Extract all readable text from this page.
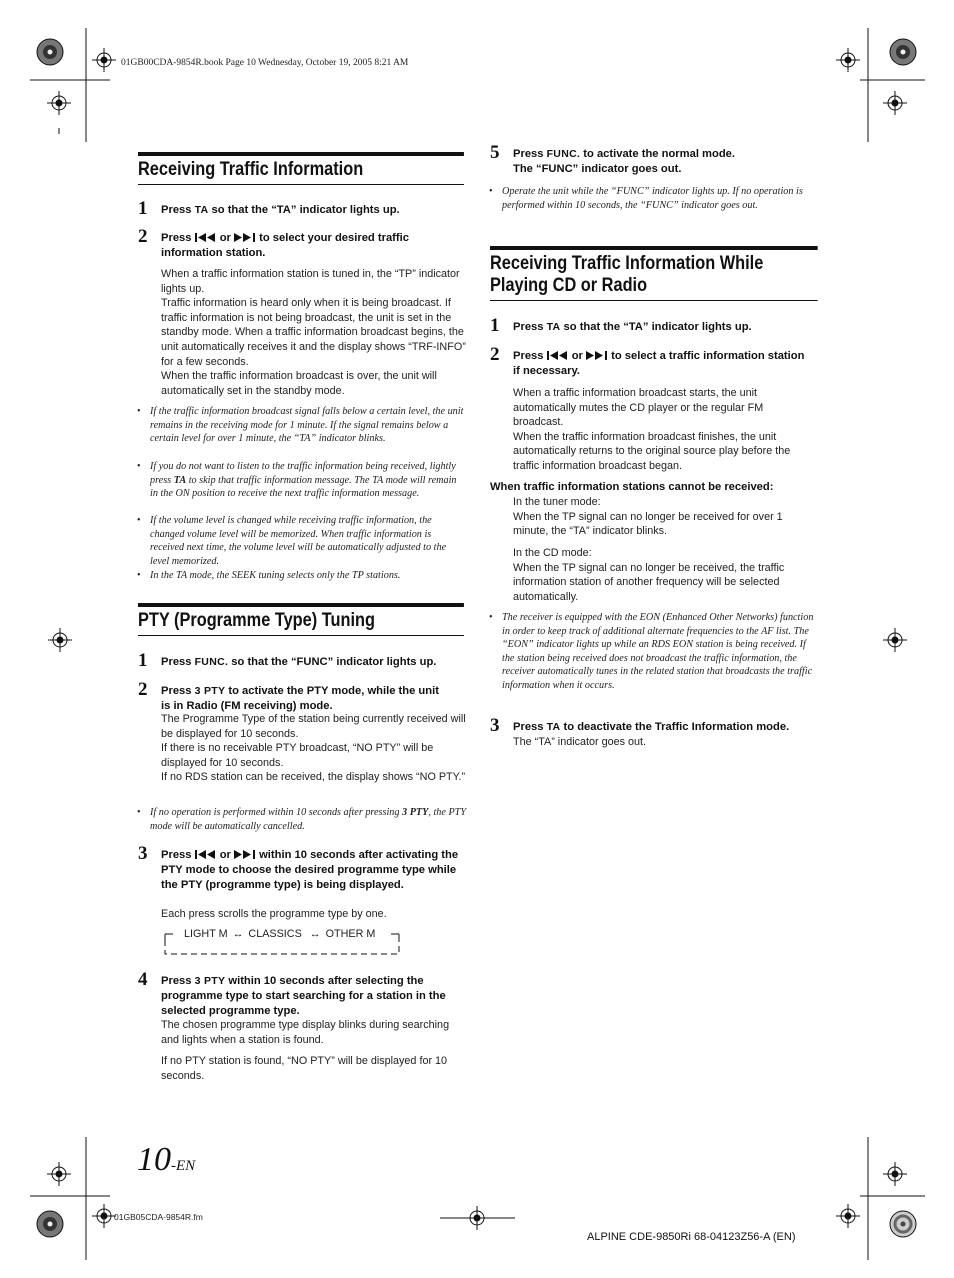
01GB00CDA-9854R.book Page 10 Wednesday, October 19, 2005 8:21 AM
10-EN
01GB05CDA-9854R.fm
ALPINE CDE-9850Ri 68-04123Z56-A (EN)
Receiving Traffic Information
1 Press TA so that the “TA” indicator lights up.
2 Press	or	to select your desired traffic information station.
When a traffic information station is tuned in, the “TP” indicator lights up.
Traffic information is heard only when it is being broadcast. If traffic information is not being broadcast, the unit is set in the standby mode. When a traffic information broadcast begins, the unit automatically receives it and the display shows “TRF-INFO” for a few seconds.
When the traffic information broadcast is over, the unit will automatically set in the standby mode.
• If the traffic information broadcast signal falls below a certain level, the unit remains in the receiving mode for 1 minute. If the signal remains below a certain level for over 1 minute, the “TA” indicator blinks.
• If you do not want to listen to the traffic information being received, lightly press TA to skip that traffic information message. The TA mode will remain in the ON position to receive the next traffic information message.
• If the volume level is changed while receiving traffic information, the changed volume level will be memorized. When traffic information is received next time, the volume level will be automatically adjusted to the level memorized.
• In the TA mode, the SEEK tuning selects only the TP stations.
PTY (Programme Type) Tuning
1 Press FUNC. so that the “FUNC” indicator lights up.
2 Press 3 PTY to activate the PTY mode, while the unit is in Radio (FM receiving) mode.
The Programme Type of the station being currently received will be displayed for 10 seconds.
If there is no receivable PTY broadcast, “NO PTY” will be displayed for 10 seconds.
If no RDS station can be received, the display shows “NO PTY.”
• If no operation is performed within 10 seconds after pressing 3 PTY, the PTY mode will be automatically cancelled.
3 Press	or	within 10 seconds after activating the PTY mode to choose the desired programme type while the PTY (programme type) is being displayed.
Each press scrolls the programme type by one.
LIGHT M ↔ CLASSICS ↔ OTHER M
4 Press 3 PTY within 10 seconds after selecting the programme type to start searching for a station in the selected programme type.
The chosen programme type display blinks during searching and lights when a station is found.
If no PTY station is found, “NO PTY” will be displayed for 10 seconds.
5 Press FUNC. to activate the normal mode.
The “FUNC” indicator goes out.
• Operate the unit while the “FUNC” indicator lights up. If no operation is performed within 10 seconds, the “FUNC” indicator goes out.
Receiving Traffic Information While
Playing CD or Radio
1 Press TA so that the “TA” indicator lights up.
2 Press	or	to select a traffic information station if necessary.
When a traffic information broadcast starts, the unit automatically mutes the CD player or the regular FM broadcast.
When the traffic information broadcast finishes, the unit automatically returns to the original source play before the traffic information broadcast began.
When traffic information stations cannot be received:
In the tuner mode:
When the TP signal can no longer be received for over 1 minute, the “TA” indicator blinks.
In the CD mode:
When the TP signal can no longer be received, the traffic information station of another frequency will be selected automatically.
• The receiver is equipped with the EON (Enhanced Other Networks) function in order to keep track of additional alternate frequencies to the AF list. The “EON” indicator lights up while an RDS EON station is being received. If the station being received does not broadcast the traffic information, the receiver automatically tunes in the related station that broadcasts the traffic information when it occurs.
3 Press TA to deactivate the Traffic Information mode.
The “TA” indicator goes out.
